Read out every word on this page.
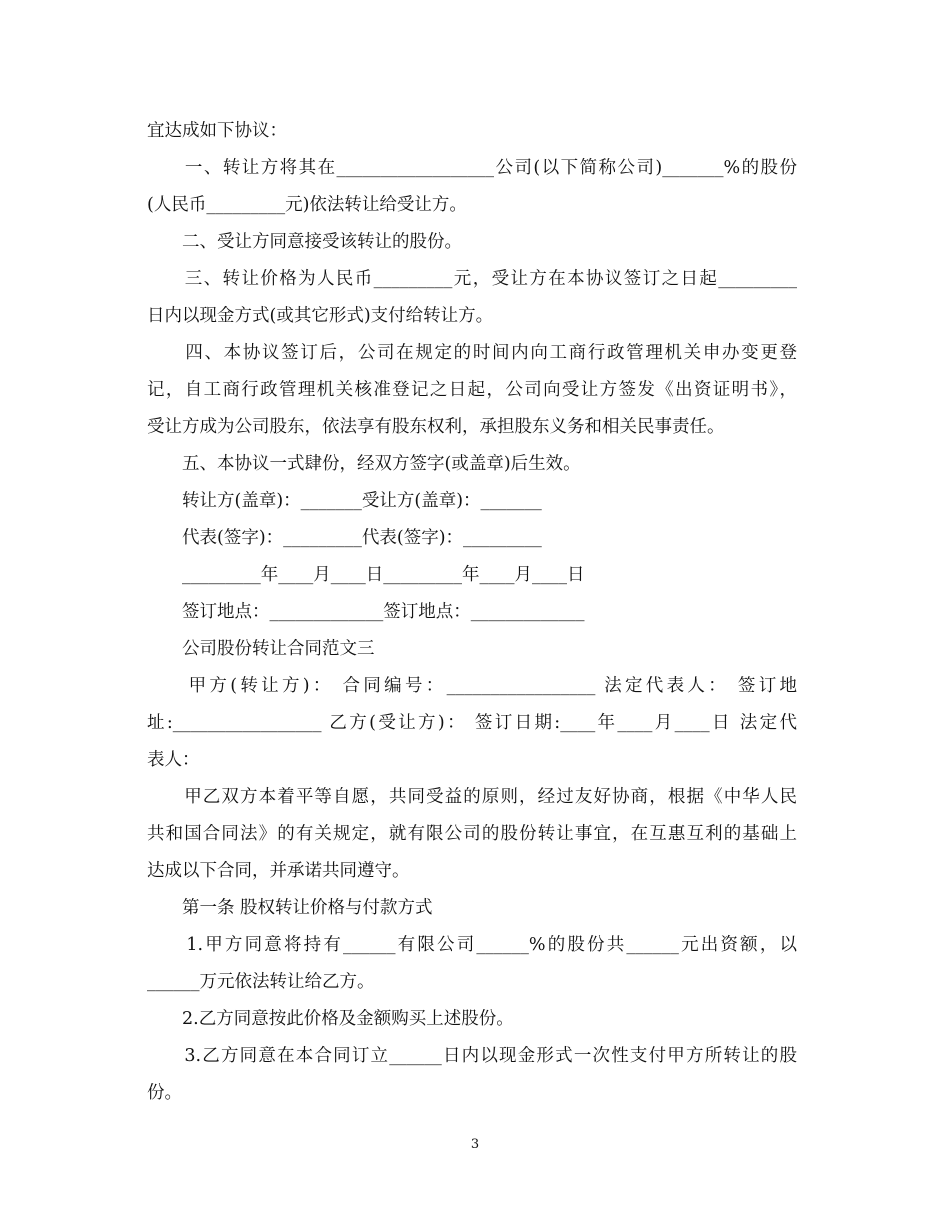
宜达成如下协议：
　　一、转让方将其在__________________公司(以下简称公司)_______%的股份
(人民币_________元)依法转让给受让方。
　　二、受让方同意接受该转让的股份。
　　三、转让价格为人民币_________元，受让方在本协议签订之日起_________
日内以现金方式(或其它形式)支付给转让方。
　　四、本协议签订后，公司在规定的时间内向工商行政管理机关申办变更登
记，自工商行政管理机关核准登记之日起，公司向受让方签发《出资证明书》，
受让方成为公司股东，依法享有股东权利，承担股东义务和相关民事责任。
　　五、本协议一式肆份，经双方签字(或盖章)后生效。
　　转让方(盖章)：_______受让方(盖章)：_______
　　代表(签字)：_________代表(签字)：_________
　　_________年____月____日_________年____月____日
　　签订地点：_____________签订地点：_____________
　　公司股份转让合同范文三
　　甲方(转让方)： 合同编号：_________________ 法定代表人： 签订地
址:_________________ 乙方(受让方)： 签订日期:____年____月____日 法定代
表人：
　　甲乙双方本着平等自愿，共同受益的原则，经过友好协商，根据《中华人民
共和国合同法》的有关规定，就有限公司的股份转让事宜，在互惠互利的基础上
达成以下合同，并承诺共同遵守。
　　第一条 股权转让价格与付款方式
　　1.甲方同意将持有______有限公司______%的股份共______元出资额，以
______万元依法转让给乙方。
　　2.乙方同意按此价格及金额购买上述股份。
　　3.乙方同意在本合同订立______日内以现金形式一次性支付甲方所转让的股
份。
3
